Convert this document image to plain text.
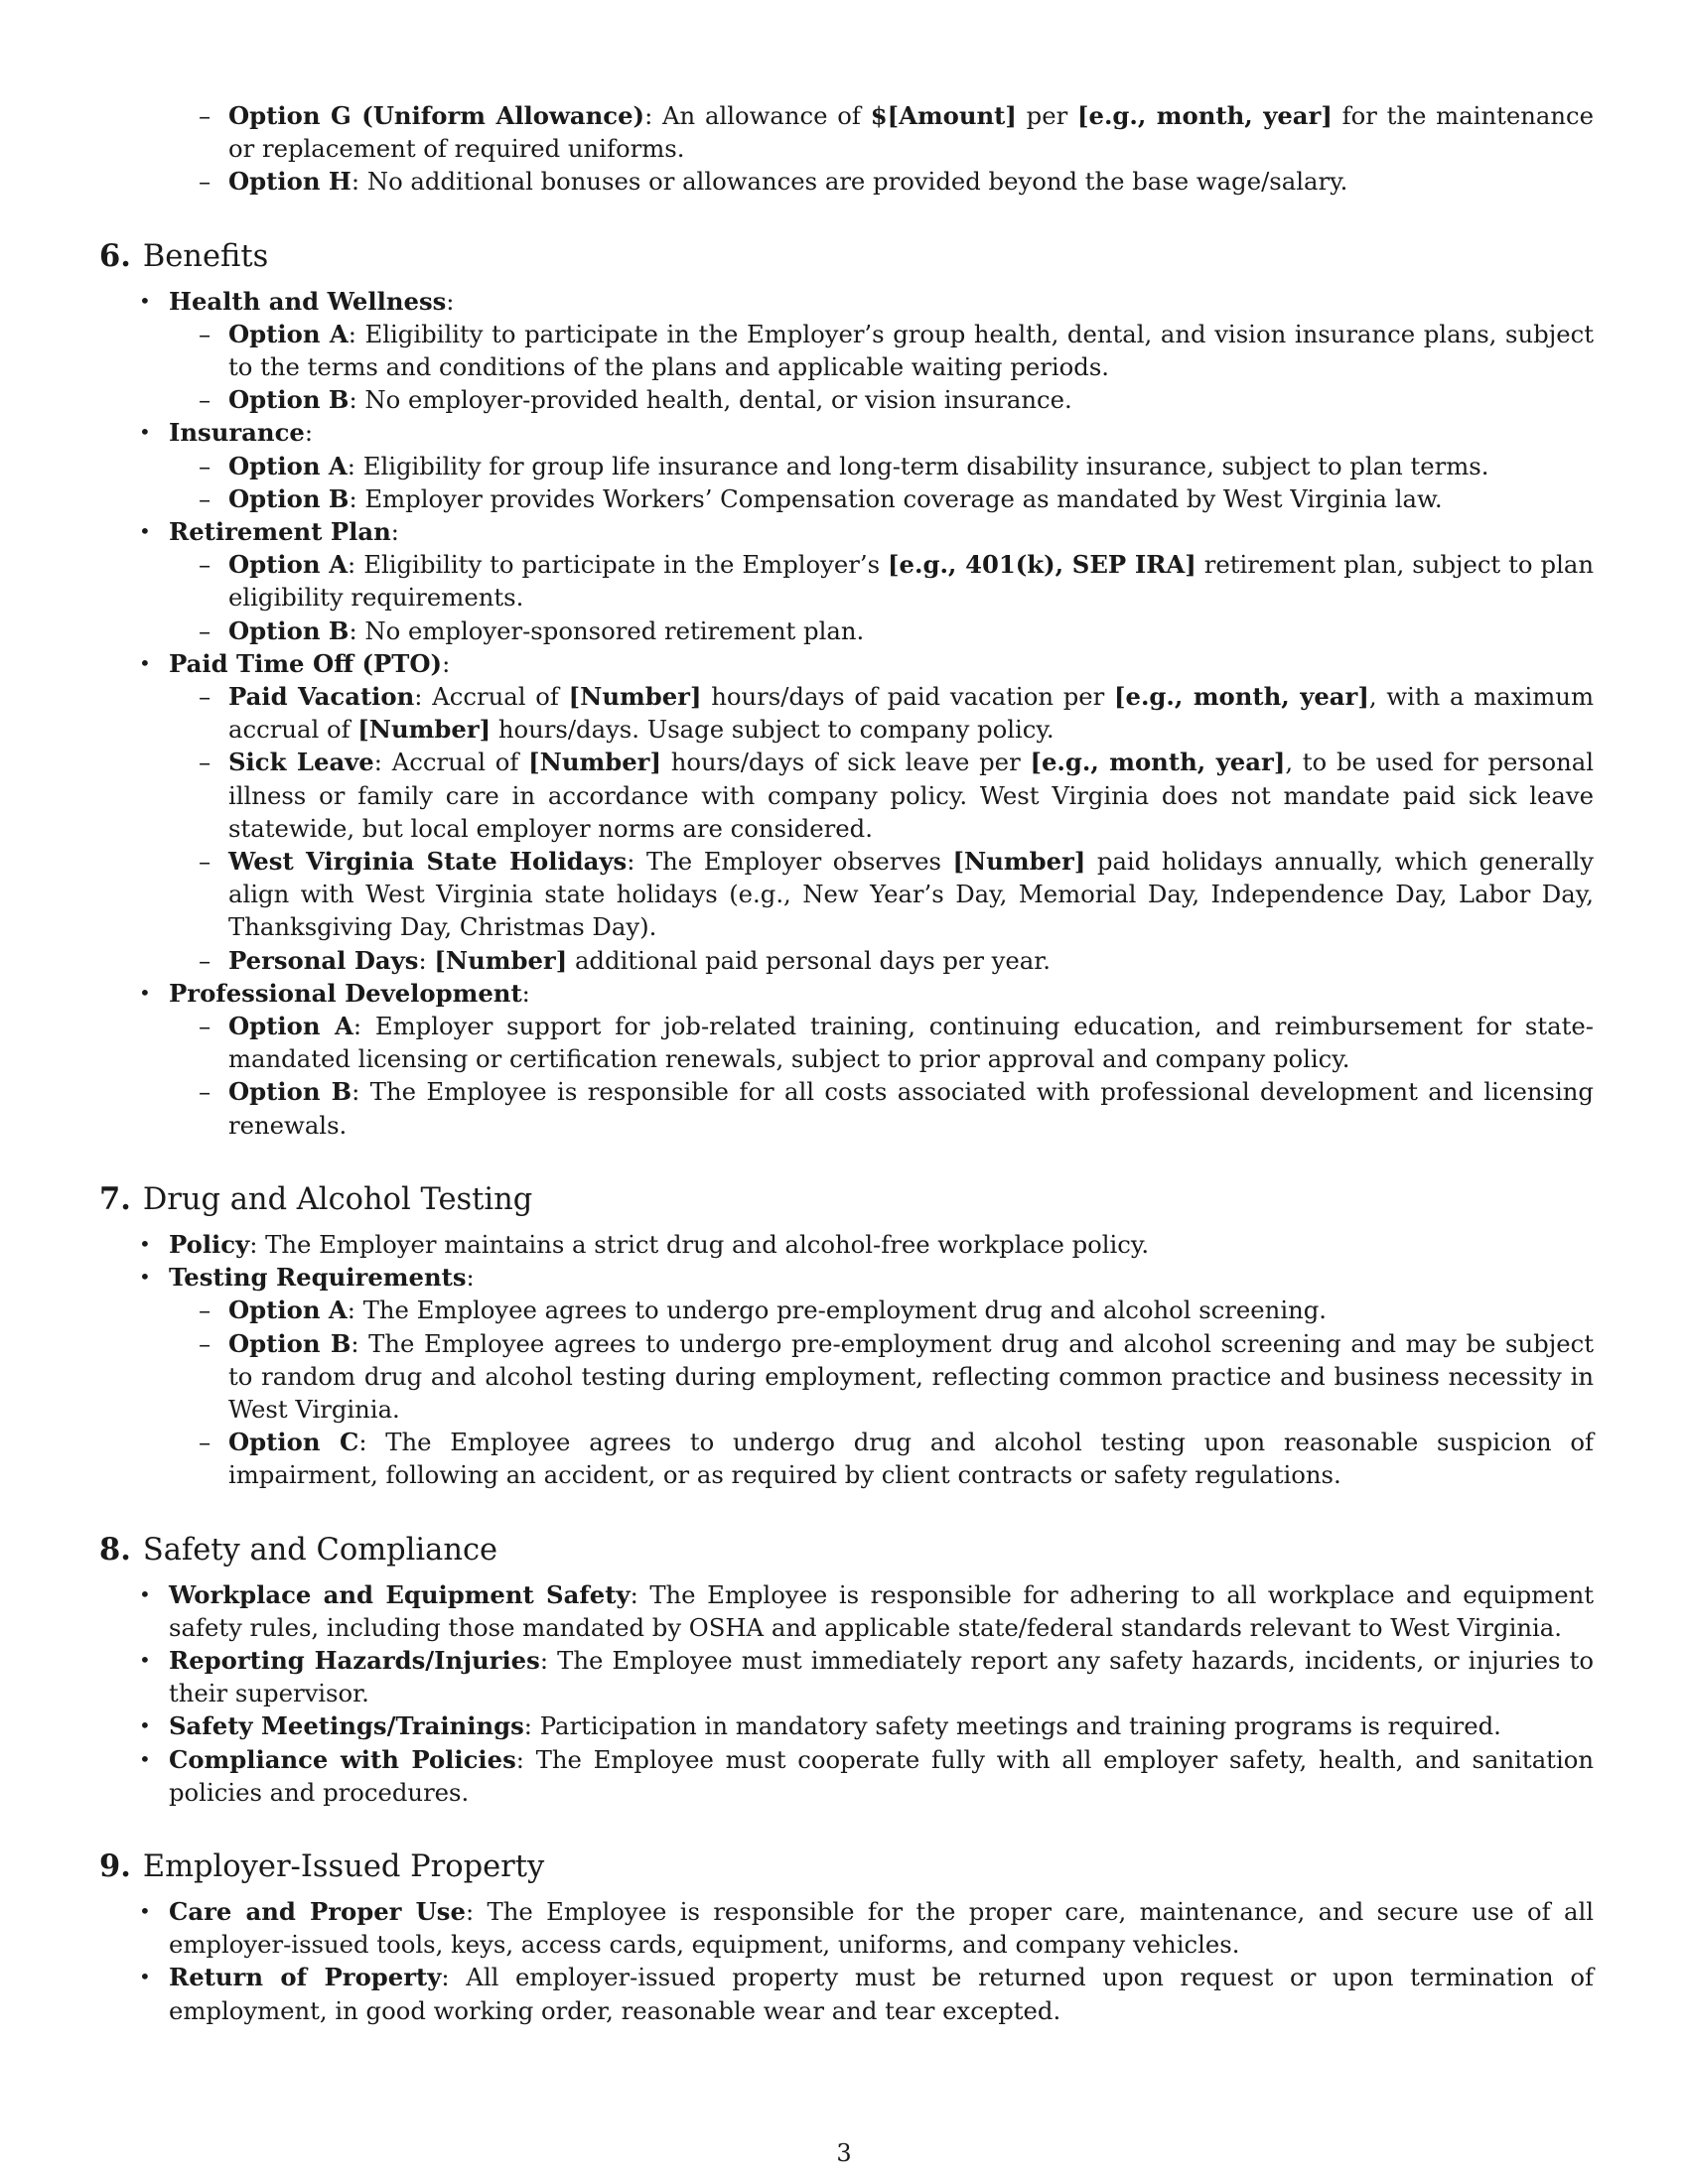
– Option G (Uniform Allowance): An allowance of $[Amount] per [e.g., month, year] for the maintenance or replacement of required uniforms.
– Option H: No additional bonuses or allowances are provided beyond the base wage/salary.
6. Benefits
• Health and Wellness:
– Option A: Eligibility to participate in the Employer’s group health, dental, and vision insurance plans, subject to the terms and conditions of the plans and applicable waiting periods.
– Option B: No employer-provided health, dental, or vision insurance.
• Insurance:
– Option A: Eligibility for group life insurance and long-term disability insurance, subject to plan terms.
– Option B: Employer provides Workers’ Compensation coverage as mandated by West Virginia law.
• Retirement Plan:
– Option A: Eligibility to participate in the Employer’s [e.g., 401(k), SEP IRA] retirement plan, subject to plan eligibility requirements.
– Option B: No employer-sponsored retirement plan.
• Paid Time Off (PTO):
– Paid Vacation: Accrual of [Number] hours/days of paid vacation per [e.g., month, year], with a maximum accrual of [Number] hours/days. Usage subject to company policy.
– Sick Leave: Accrual of [Number] hours/days of sick leave per [e.g., month, year], to be used for personal illness or family care in accordance with company policy. West Virginia does not mandate paid sick leave statewide, but local employer norms are considered.
– West Virginia State Holidays: The Employer observes [Number] paid holidays annually, which generally align with West Virginia state holidays (e.g., New Year’s Day, Memorial Day, Independence Day, Labor Day, Thanksgiving Day, Christmas Day).
– Personal Days: [Number] additional paid personal days per year.
• Professional Development:
– Option A: Employer support for job-related training, continuing education, and reimbursement for state-mandated licensing or certification renewals, subject to prior approval and company policy.
– Option B: The Employee is responsible for all costs associated with professional development and licensing renewals.
7. Drug and Alcohol Testing
• Policy: The Employer maintains a strict drug and alcohol-free workplace policy.
• Testing Requirements:
– Option A: The Employee agrees to undergo pre-employment drug and alcohol screening.
– Option B: The Employee agrees to undergo pre-employment drug and alcohol screening and may be subject to random drug and alcohol testing during employment, reflecting common practice and business necessity in West Virginia.
– Option C: The Employee agrees to undergo drug and alcohol testing upon reasonable suspicion of impairment, following an accident, or as required by client contracts or safety regulations.
8. Safety and Compliance
• Workplace and Equipment Safety: The Employee is responsible for adhering to all workplace and equipment safety rules, including those mandated by OSHA and applicable state/federal standards relevant to West Virginia.
• Reporting Hazards/Injuries: The Employee must immediately report any safety hazards, incidents, or injuries to their supervisor.
• Safety Meetings/Trainings: Participation in mandatory safety meetings and training programs is required.
• Compliance with Policies: The Employee must cooperate fully with all employer safety, health, and sanitation policies and procedures.
9. Employer-Issued Property
• Care and Proper Use: The Employee is responsible for the proper care, maintenance, and secure use of all employer-issued tools, keys, access cards, equipment, uniforms, and company vehicles.
• Return of Property: All employer-issued property must be returned upon request or upon termination of employment, in good working order, reasonable wear and tear excepted.
3
